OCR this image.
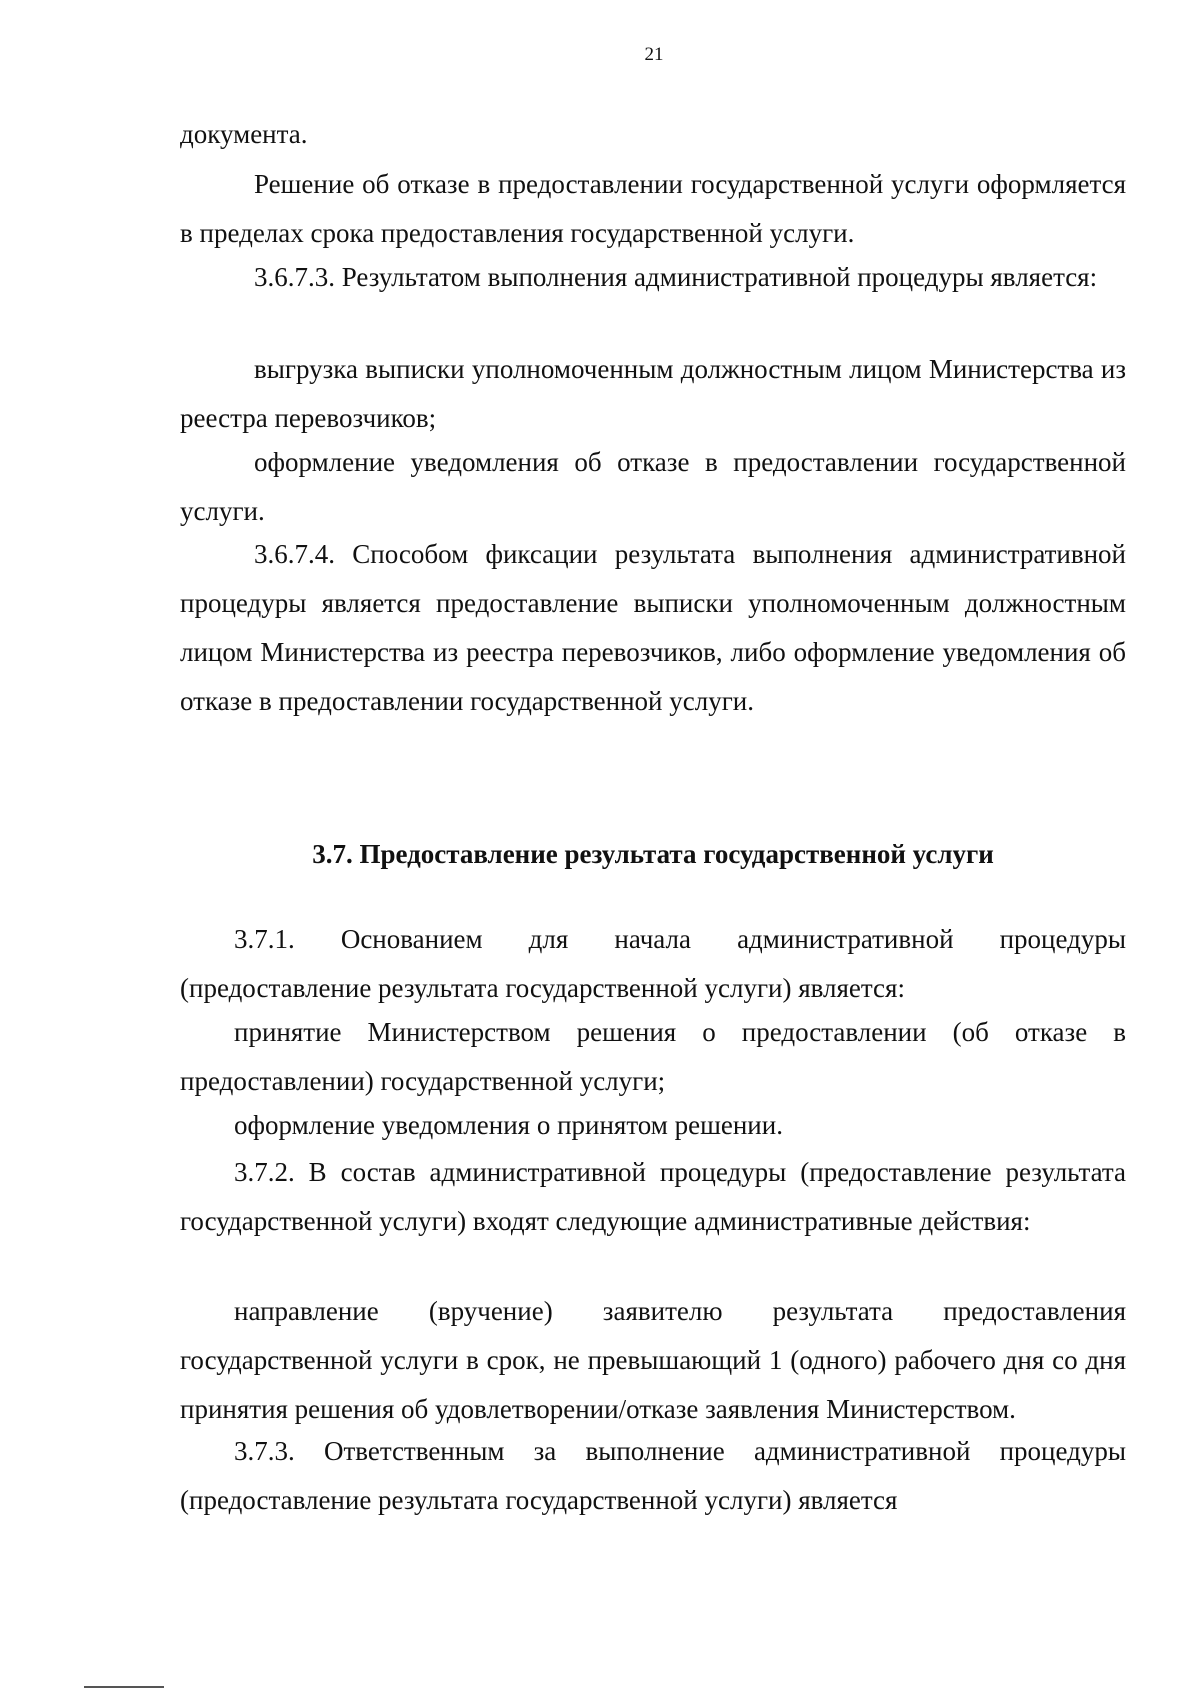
21

документа.

Решение об отказе в предоставлении государственной услуги оформляется в пределах срока предоставления государственной услуги.

3.6.7.3. Результатом выполнения административной процедуры является:

выгрузка выписки уполномоченным должностным лицом Министерства из реестра перевозчиков;

оформление уведомления об отказе в предоставлении государственной услуги.

3.6.7.4. Способом фиксации результата выполнения административной процедуры является предоставление выписки уполномоченным должностным лицом Министерства из реестра перевозчиков, либо оформление уведомления об отказе в предоставлении государственной услуги.

3.7. Предоставление результата государственной услуги

3.7.1. Основанием для начала административной процедуры (предоставление результата государственной услуги) является:

принятие Министерством решения о предоставлении (об отказе в предоставлении) государственной услуги;

оформление уведомления о принятом решении.

3.7.2. В состав административной процедуры (предоставление результата государственной услуги) входят следующие административные действия:

направление (вручение) заявителю результата предоставления государственной услуги в срок, не превышающий 1 (одного) рабочего дня со дня принятия решения об удовлетворении/отказе заявления Министерством.

3.7.3. Ответственным за выполнение административной процедуры (предоставление результата государственной услуги) является
